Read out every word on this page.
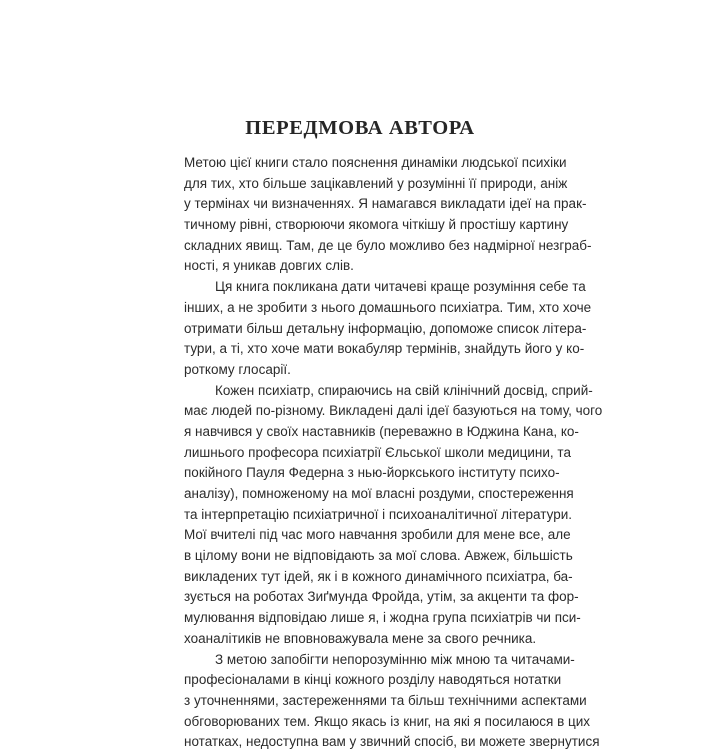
ПЕРЕДМОВА АВТОРА
Метою цієї книги стало пояснення динаміки людської психіки
для тих, хто більше зацікавлений у розумінні її природи, аніж
у термінах чи визначеннях. Я намагався викладати ідеї на прак-
тичному рівні, створюючи якомога чіткішу й простішу картину
складних явищ. Там, де це було можливо без надмірної незграб-
ності, я уникав довгих слів.
Ця книга покликана дати читачеві краще розуміння себе та
інших, а не зробити з нього домашнього психіатра. Тим, хто хоче
отримати більш детальну інформацію, допоможе список літера-
тури, а ті, хто хоче мати вокабуляр термінів, знайдуть його у ко-
роткому глосарії.
Кожен психіатр, спираючись на свій клінічний досвід, сприй-
має людей по-різному. Викладені далі ідеї базуються на тому, чого
я навчився у своїх наставників (переважно в Юджина Кана, ко-
лишнього професора психіатрії Єльської школи медицини, та
покійного Пауля Федерна з нью-йоркського інституту психо-
аналізу), помноженому на мої власні роздуми, спостереження
та інтерпретацію психіатричної і психоаналітичної літератури.
Мої вчителі під час мого навчання зробили для мене все, але
в цілому вони не відповідають за мої слова. Авжеж, більшість
викладених тут ідей, як і в кожного динамічного психіатра, ба-
зується на роботах Зиґмунда Фройда, утім, за акценти та фор-
мулювання відповідаю лише я, і жодна група психіатрів чи пси-
хоаналітиків не вповноважувала мене за свого речника.
З метою запобігти непорозумінню між мною та читачами-
професіоналами в кінці кожного розділу наводяться нотатки
з уточненнями, застереженнями та більш технічними аспектами
обговорюваних тем. Якщо якась із книг, на які я посилаюся в цих
нотатках, недоступна вам у звичний спосіб, ви можете звернутися
